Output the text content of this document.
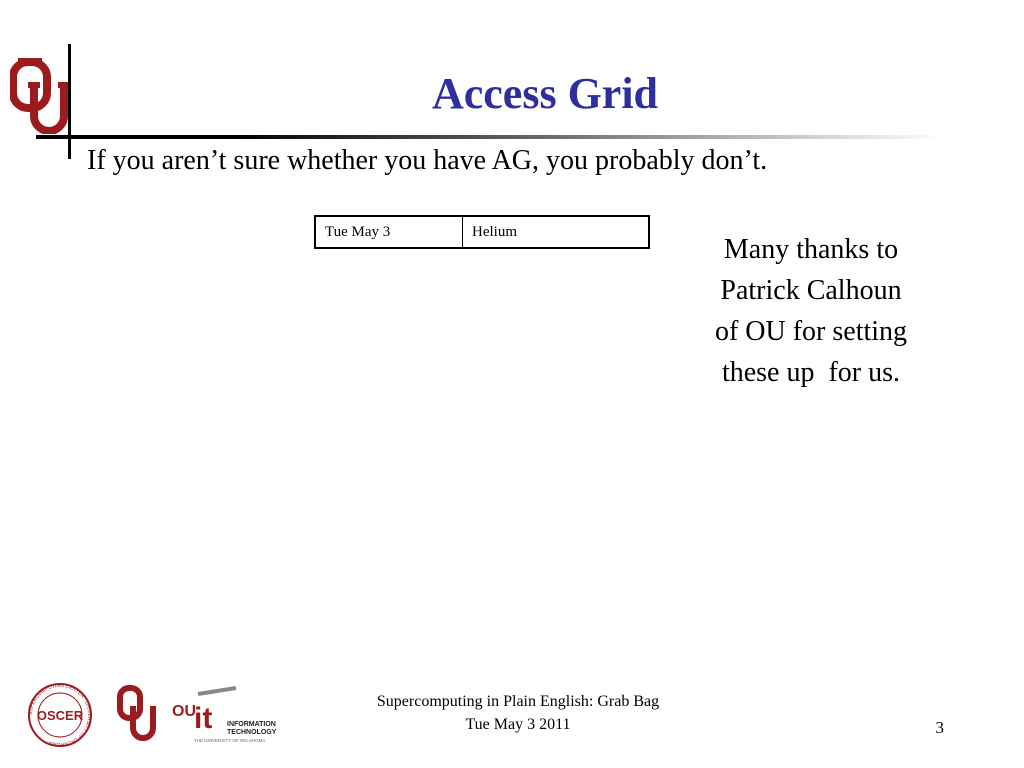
Access Grid
If you aren’t sure whether you have AG, you probably don’t.
Tue May 3	Helium
Many thanks to
Patrick Calhoun
of OU for setting
these up  for us.
SUPERCOMPUTING CENTER · UNIVERSITY OF OKLAHOMA
OSCER
OU
OU
it INFORMATION
TECHNOLOGY
THE UNIVERSITY OF OKLAHOMA
Supercomputing in Plain English: Grab Bag
Tue May 3 2011	3
